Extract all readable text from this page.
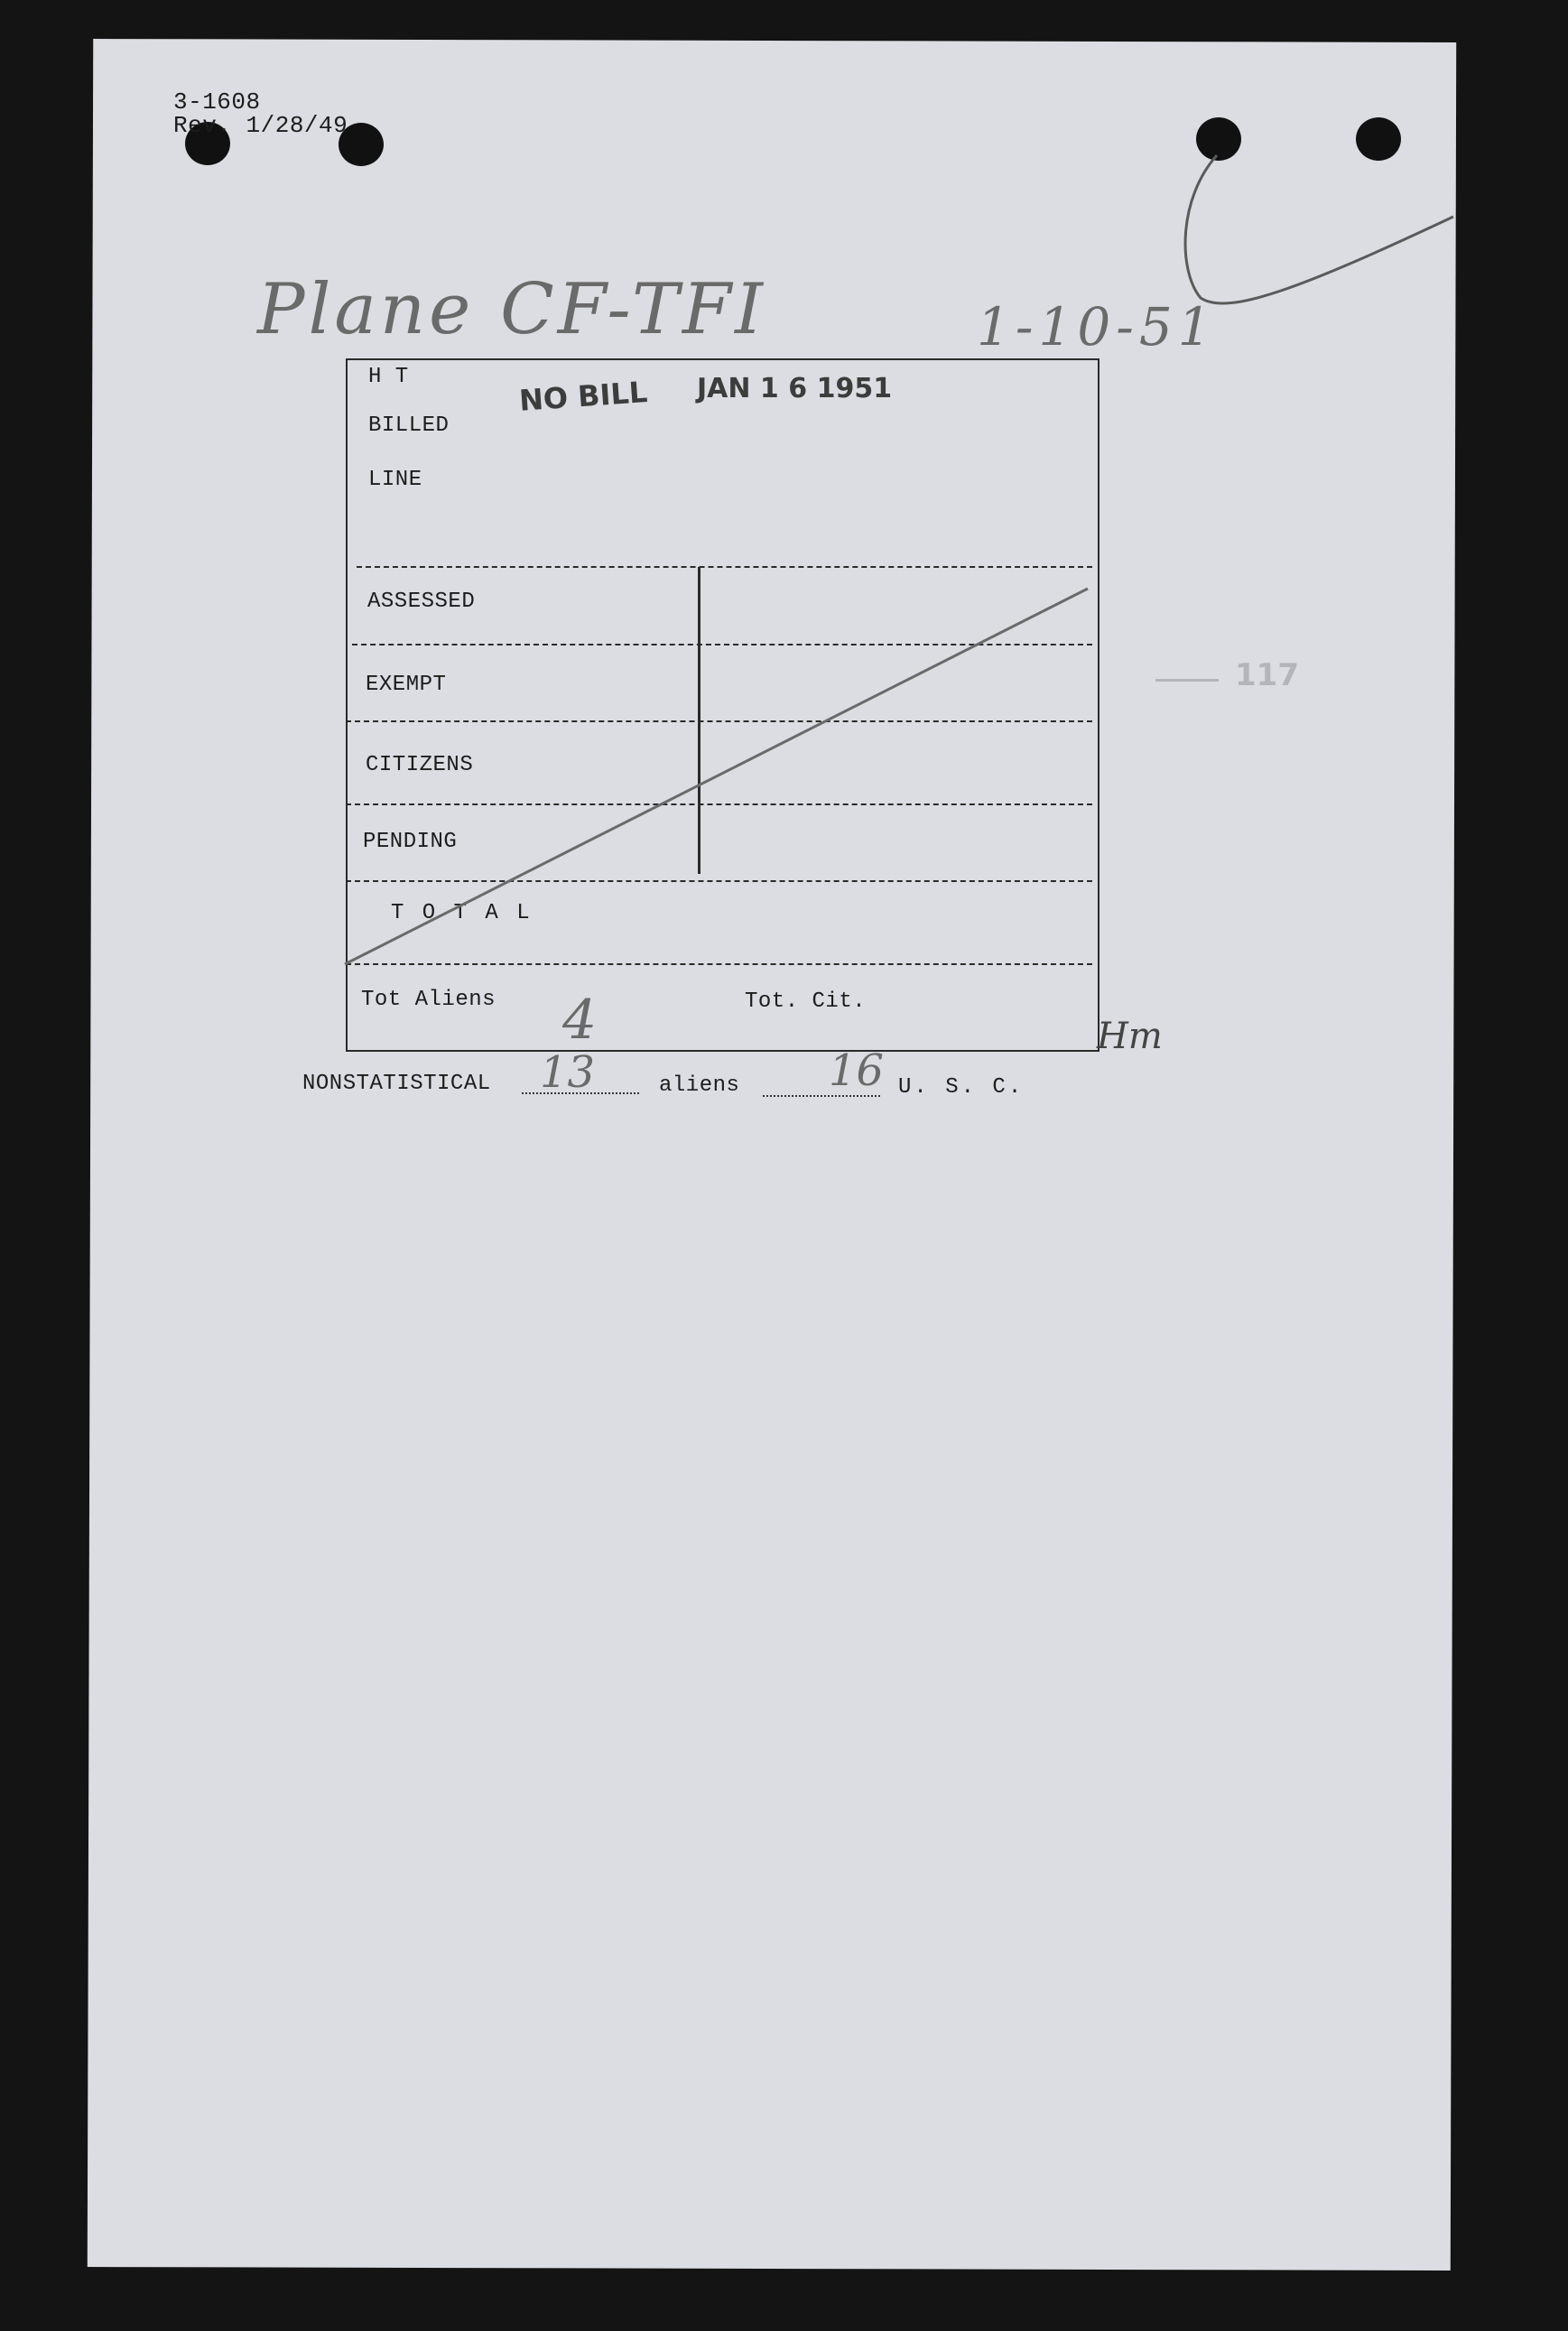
3-1608
Rev. 1/28/49
Plane CF-TFI	1-10-51
NO BILL JAN 1 6 1951
117
H T
BILLED
LINE
ASSESSED
EXEMPT
CITIZENS
PENDING
T O T A L
Tot Aliens	Tot. Cit.
4	Hm
NONSTATISTICAL 13	aliens 16 U. S. C.
